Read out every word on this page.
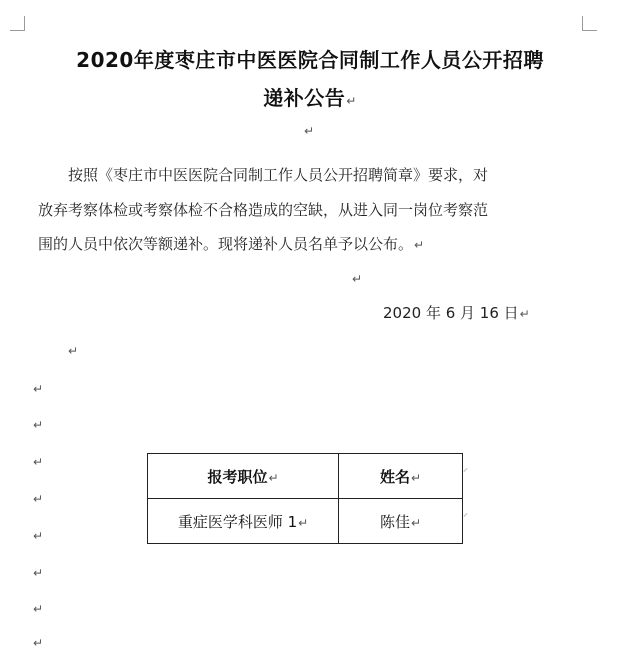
2020年度枣庄市中医医院合同制工作人员公开招聘
递补公告↵
↵
按照《枣庄市中医医院合同制工作人员公开招聘简章》要求，对
放弃考察体检或考察体检不合格造成的空缺，从进入同一岗位考察范
围的人员中依次等额递补。现将递补人员名单予以公布。↵
↵
2020 年 6 月 16 日↵
↵
↵
↵
↵
↵
↵
↵
↵
↵
报考职位↵	姓名↵
重症医学科医师 1↵	陈佳↵
⸝
⸝
